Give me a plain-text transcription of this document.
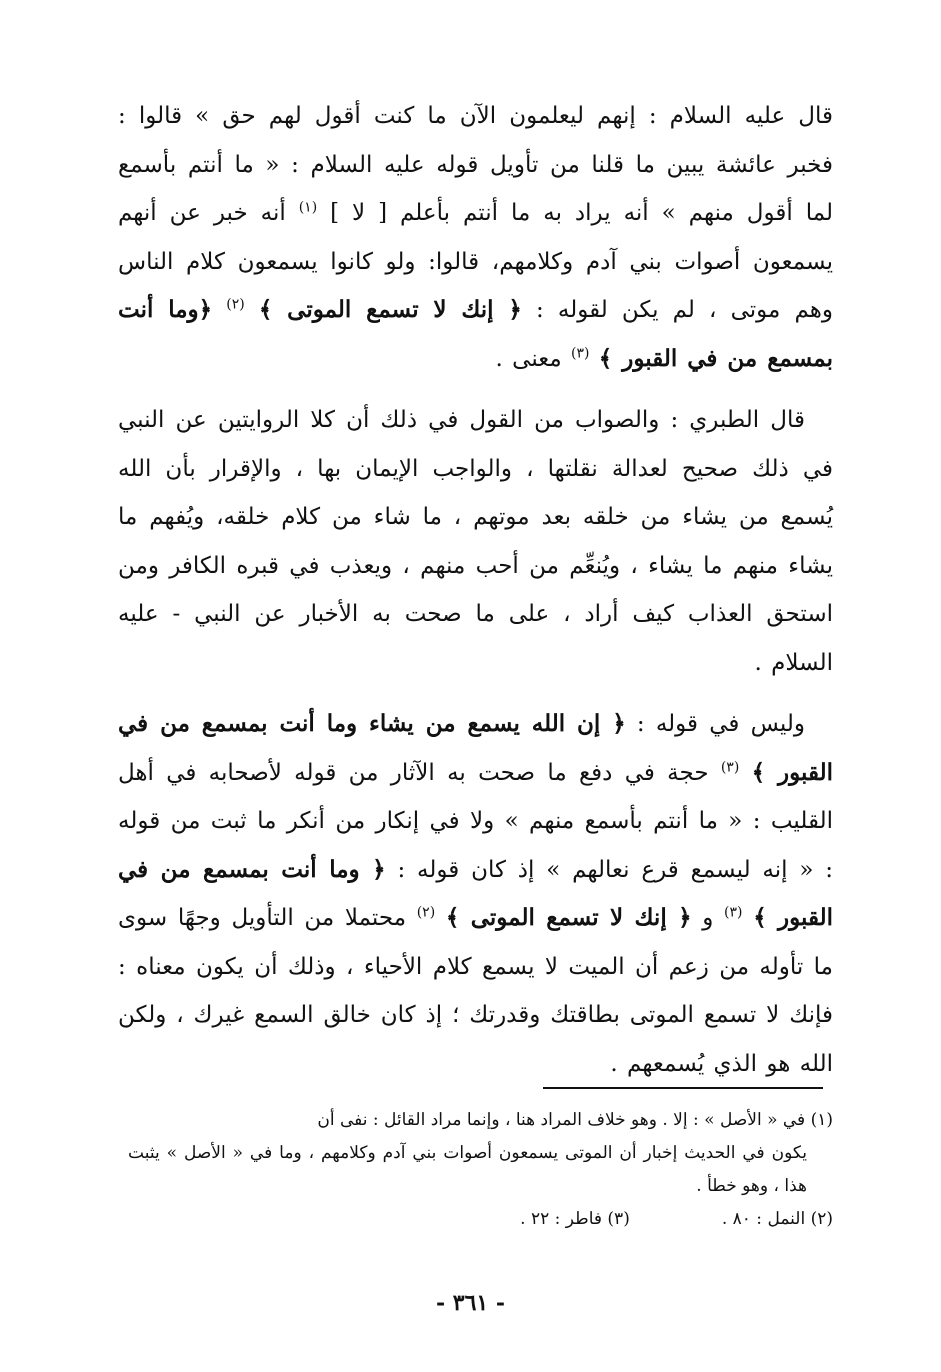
قال عليه السلام : إنهم ليعلمون الآن ما كنت أقول لهم حق » قالوا : فخبر عائشة يبين ما قلنا من تأويل قوله عليه السلام : « ما أنتم بأسمع لما أقول منهم » أنه يراد به ما أنتم بأعلم [ لا ] $^{(١)}$ أنه خبر عن أنهم يسمعون أصوات بني آدم وكلامهم، قالوا: ولو كانوا يسمعون كلام الناس وهم موتى ، لم يكن لقوله : ﴿ إنك لا تسمع الموتى ﴾ $^{(٢)}$ ﴿وما أنت بمسمع من في القبور ﴾ $^{(٣)}$ معنى .

قال الطبري : والصواب من القول في ذلك أن كلا الروايتين عن النبي في ذلك صحيح لعدالة نقلتها ، والواجب الإيمان بها ، والإقرار بأن الله يُسمع من يشاء من خلقه بعد موتهم ، ما شاء من كلام خلقه، ويُفهم ما يشاء منهم ما يشاء ، ويُنعِّم من أحب منهم ، ويعذب في قبره الكافر ومن استحق العذاب كيف أراد ، على ما صحت به الأخبار عن النبي - عليه السلام .

وليس في قوله : ﴿ إن الله يسمع من يشاء وما أنت بمسمع من في القبور ﴾ $^{(٣)}$ حجة في دفع ما صحت به الآثار من قوله لأصحابه في أهل القليب : « ما أنتم بأسمع منهم » ولا في إنكار من أنكر ما ثبت من قوله : « إنه ليسمع قرع نعالهم » إذ كان قوله : ﴿ وما أنت بمسمع من في القبور ﴾ $^{(٣)}$ و ﴿ إنك لا تسمع الموتى ﴾ $^{(٢)}$ محتملا من التأويل وجهًا سوى ما تأوله من زعم أن الميت لا يسمع كلام الأحياء ، وذلك أن يكون معناه : فإنك لا تسمع الموتى بطاقتك وقدرتك ؛ إذ كان خالق السمع غيرك ، ولكن الله هو الذي يُسمعهم .

(١) في « الأصل » : إلا . وهو خلاف المراد هنا ، وإنما مراد القائل : نفى أن

يكون في الحديث إخبار أن الموتى يسمعون أصوات بني آدم وكلامهم ، وما في « الأصل » يثبت هذا ، وهو خطأ .

(٢) النمل : ٨٠ .
(٣) فاطر : ٢٢ .
- ٣٦١ -
